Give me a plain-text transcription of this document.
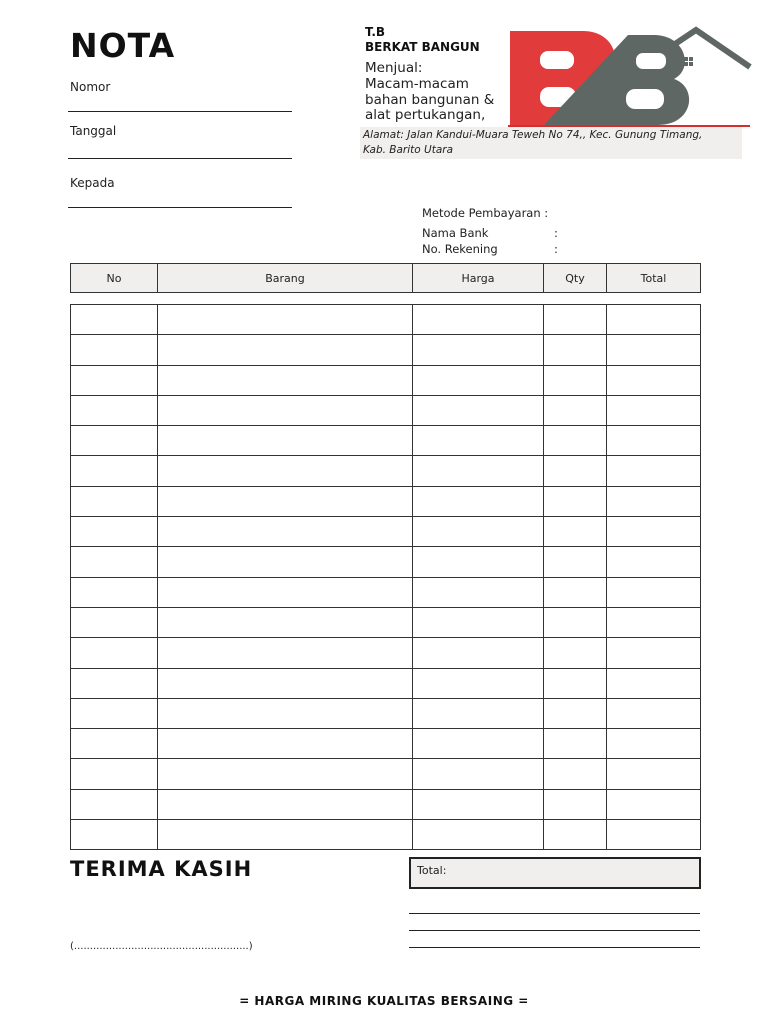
NOTA
Nomor
Tanggal
Kepada
T.B
BERKAT BANGUN
Menjual:
Macam-macam
bahan bangunan &
alat pertukangan,
Alamat: Jalan Kandui-Muara Teweh No 74,, Kec. Gunung Timang,
Kab. Barito Utara
Metode Pembayaran :
Nama Bank	:
No. Rekening	:
No	Barang	Harga	Qty	Total

TERIMA KASIH	Total:
(.......................................................)
= HARGA MIRING KUALITAS BERSAING =
